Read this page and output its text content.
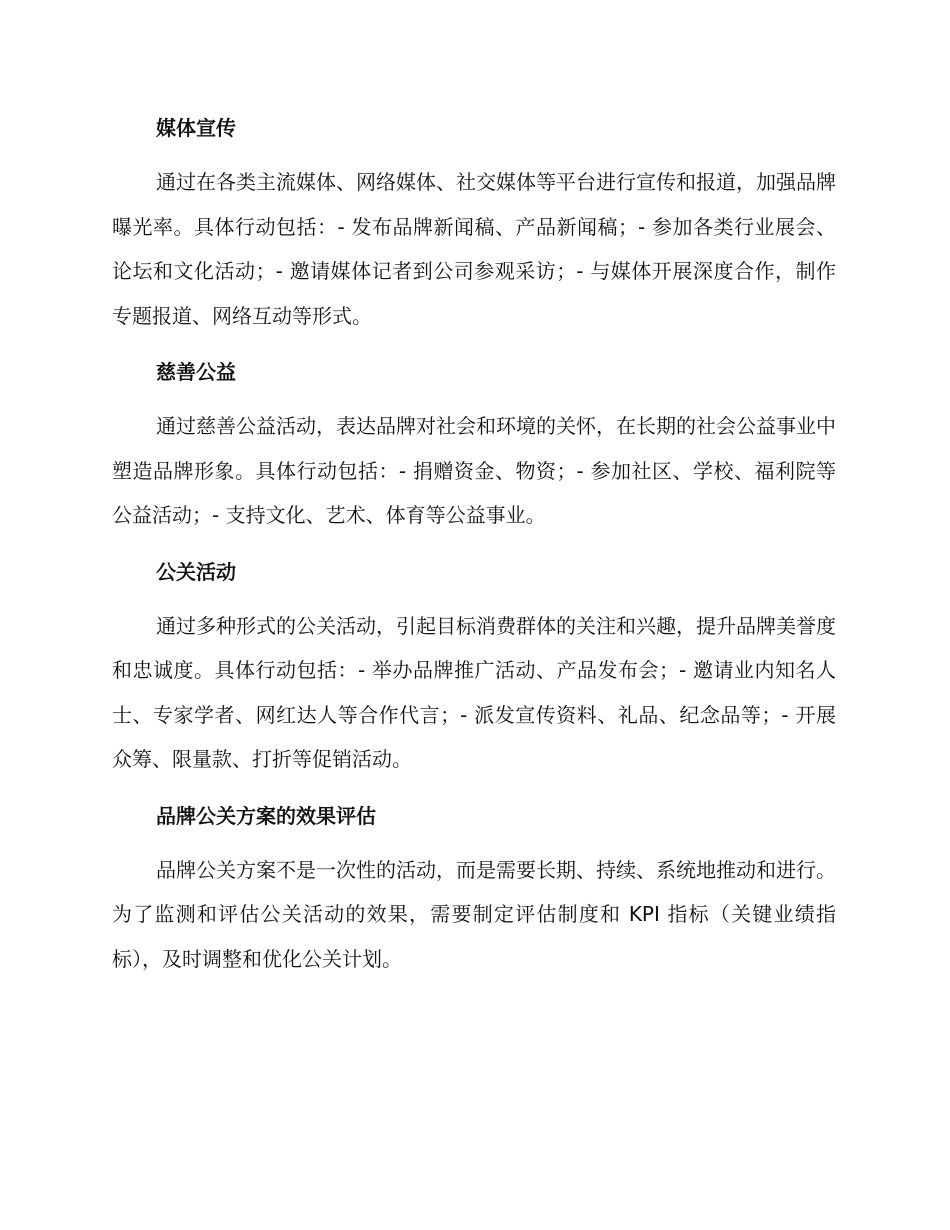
媒体宣传

通过在各类主流媒体、网络媒体、社交媒体等平台进行宣传和报道，加强品牌曝光率。具体行动包括：- 发布品牌新闻稿、产品新闻稿；- 参加各类行业展会、论坛和文化活动；- 邀请媒体记者到公司参观采访；- 与媒体开展深度合作，制作专题报道、网络互动等形式。

慈善公益

通过慈善公益活动，表达品牌对社会和环境的关怀，在长期的社会公益事业中塑造品牌形象。具体行动包括：- 捐赠资金、物资；- 参加社区、学校、福利院等公益活动；- 支持文化、艺术、体育等公益事业。

公关活动

通过多种形式的公关活动，引起目标消费群体的关注和兴趣，提升品牌美誉度和忠诚度。具体行动包括：- 举办品牌推广活动、产品发布会；- 邀请业内知名人士、专家学者、网红达人等合作代言；- 派发宣传资料、礼品、纪念品等；- 开展众筹、限量款、打折等促销活动。

品牌公关方案的效果评估

品牌公关方案不是一次性的活动，而是需要长期、持续、系统地推动和进行。为了监测和评估公关活动的效果，需要制定评估制度和 KPI 指标（关键业绩指标），及时调整和优化公关计划。
